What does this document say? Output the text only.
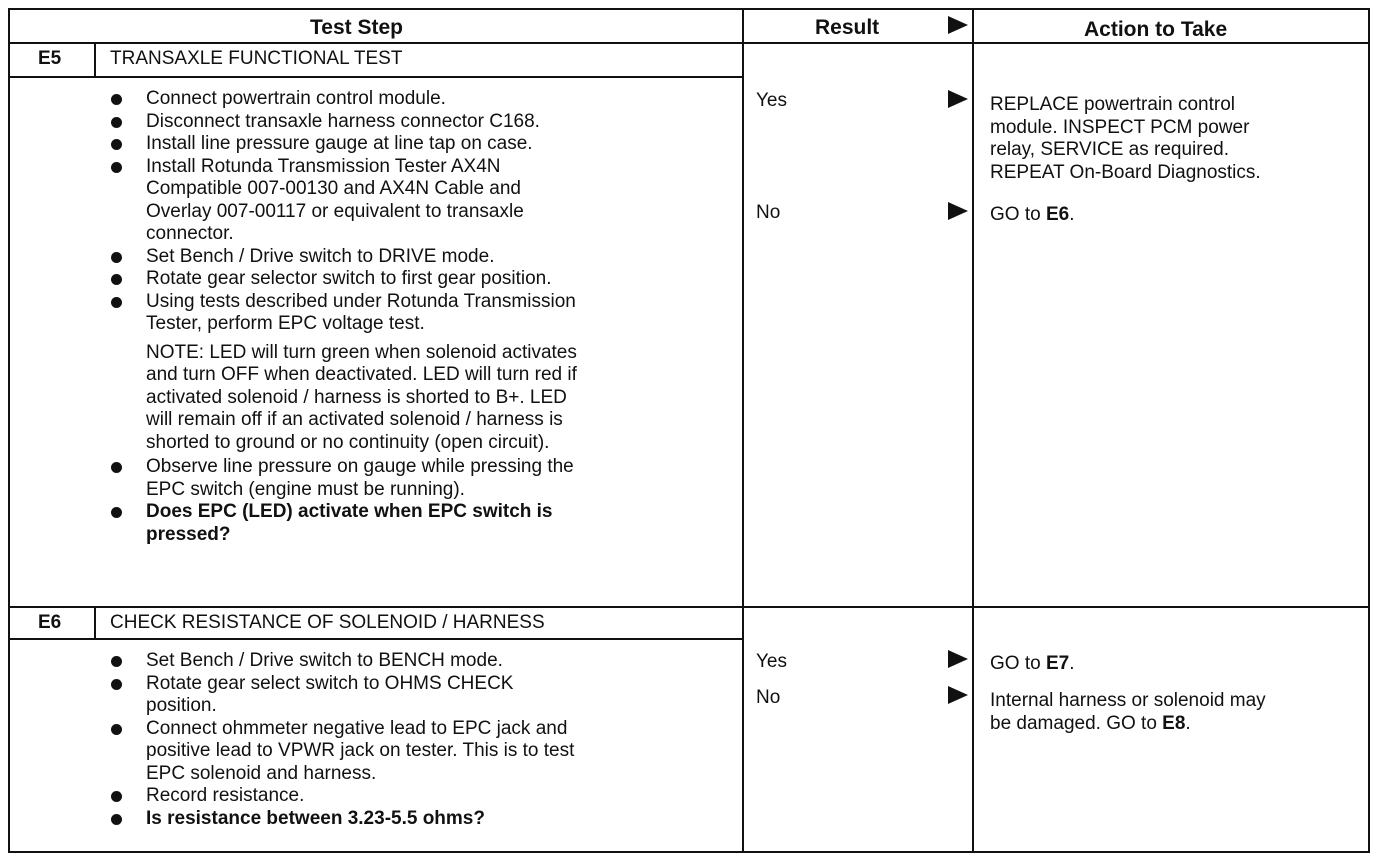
Test Step	Result	Action to Take
E5	TRANSAXLE FUNCTIONAL TEST
Connect powertrain control module.
Disconnect transaxle harness connector C168.
Install line pressure gauge at line tap on case.
Install Rotunda Transmission Tester AX4N
Compatible 007-00130 and AX4N Cable and
Overlay 007-00117 or equivalent to transaxle
connector.
Set Bench / Drive switch to DRIVE mode.
Rotate gear selector switch to first gear position.
Using tests described under Rotunda Transmission
Tester, perform EPC voltage test.
NOTE: LED will turn green when solenoid activates
and turn OFF when deactivated. LED will turn red if
activated solenoid / harness is shorted to B+. LED
will remain off if an activated solenoid / harness is
shorted to ground or no continuity (open circuit).
Observe line pressure on gauge while pressing the
EPC switch (engine must be running).
Does EPC (LED) activate when EPC switch is
pressed?
Yes	REPLACE powertrain control
module. INSPECT PCM power
relay, SERVICE as required.
REPEAT On-Board Diagnostics.
No	GO to E6.
E6	CHECK RESISTANCE OF SOLENOID / HARNESS
Set Bench / Drive switch to BENCH mode.
Rotate gear select switch to OHMS CHECK
position.
Connect ohmmeter negative lead to EPC jack and
positive lead to VPWR jack on tester. This is to test
EPC solenoid and harness.
Record resistance.
Is resistance between 3.23-5.5 ohms?
Yes	GO to E7.
No	Internal harness or solenoid may
be damaged. GO to E8.
